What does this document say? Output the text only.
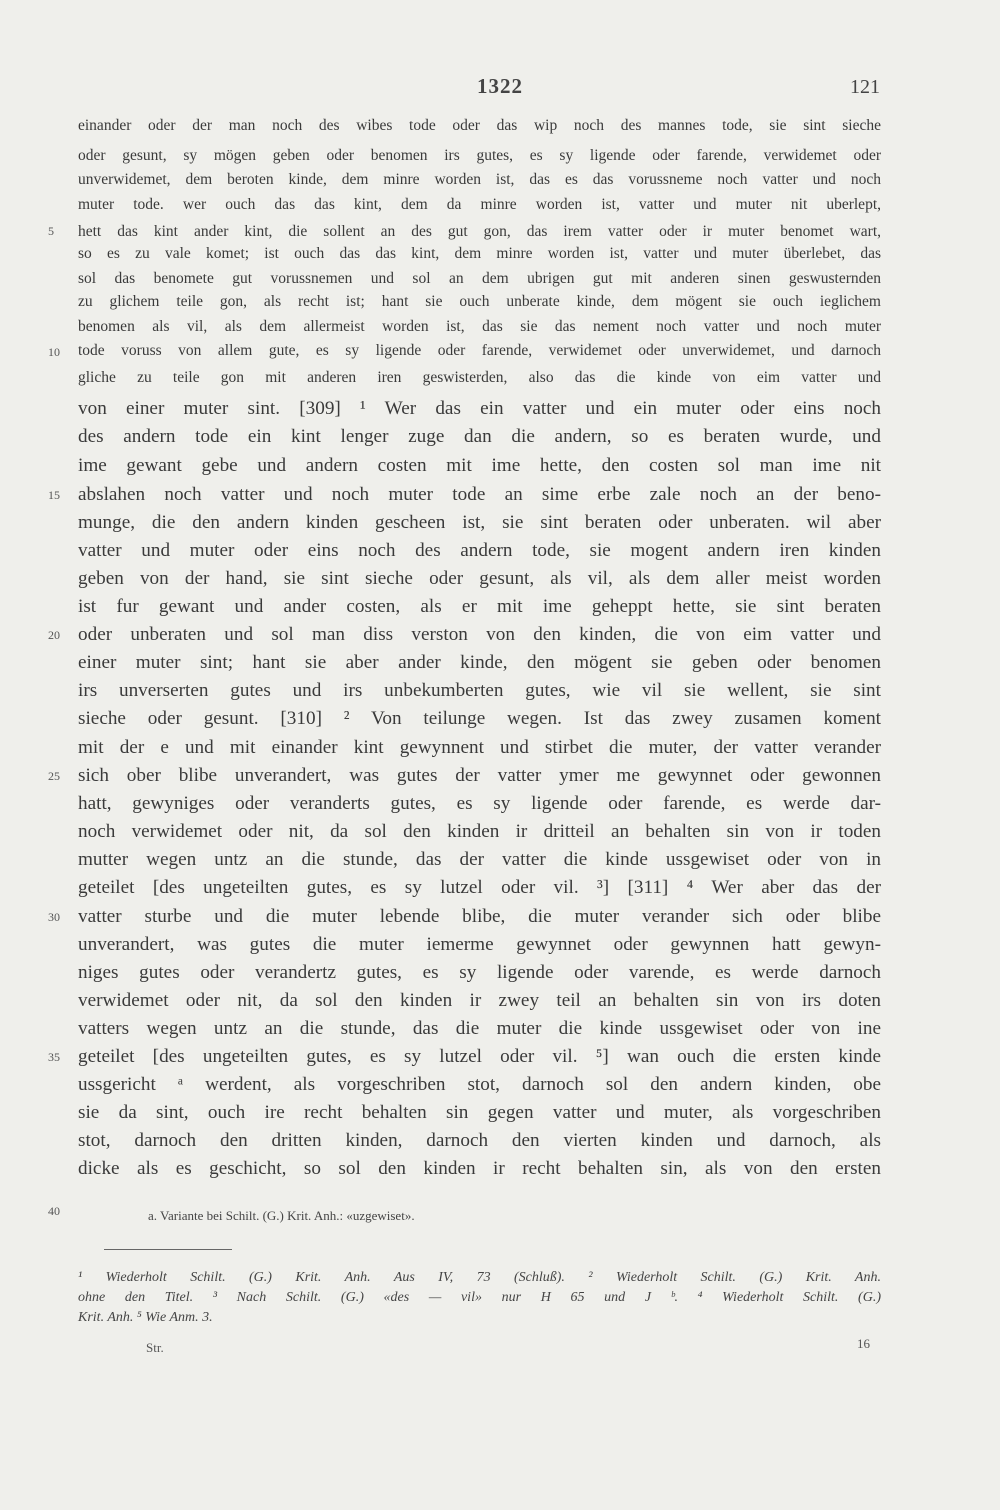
1322	121
einander oder der man noch des wibes tode oder das wip noch des mannes tode, sie sint sieche
oder gesunt, sy mögen geben oder benomen irs gutes, es sy ligende oder farende, verwidemet oder
unverwidemet, dem beroten kinde, dem minre worden ist, das es das vorussneme noch vatter und noch
muter tode. wer ouch das das kint, dem da minre worden ist, vatter und muter nit uberlept,
hett das kint ander kint, die sollent an des gut gon, das irem vatter oder ir muter benomet wart,
so es zu vale komet; ist ouch das das kint, dem minre worden ist, vatter und muter überlebet, das
sol das benomete gut vorussnemen und sol an dem ubrigen gut mit anderen sinen geswusternden
zu glichem teile gon, als recht ist; hant sie ouch unberate kinde, dem mögent sie ouch ieglichem
benomen als vil, als dem allermeist worden ist, das sie das nement noch vatter und noch muter
tode voruss von allem gute, es sy ligende oder farende, verwidemet oder unverwidemet, und darnoch
gliche zu teile gon mit anderen iren geswisterden, also das die kinde von eim vatter und
von einer muter sint. [309] ¹ Wer das ein vatter und ein muter oder eins noch
des andern tode ein kint lenger zuge dan die andern, so es beraten wurde, und
ime gewant gebe und andern costen mit ime hette, den costen sol man ime nit
abslahen noch vatter und noch muter tode an sime erbe zale noch an der beno-
munge, die den andern kinden gescheen ist, sie sint beraten oder unberaten. wil aber
vatter und muter oder eins noch des andern tode, sie mogent andern iren kinden
geben von der hand, sie sint sieche oder gesunt, als vil, als dem aller meist worden
ist fur gewant und ander costen, als er mit ime geheppt hette, sie sint beraten
oder unberaten und sol man diss verston von den kinden, die von eim vatter und
einer muter sint; hant sie aber ander kinde, den mögent sie geben oder benomen
irs unverserten gutes und irs unbekumberten gutes, wie vil sie wellent, sie sint
sieche oder gesunt. [310] ² Von teilunge wegen. Ist das zwey zusamen koment
mit der e und mit einander kint gewynnent und stirbet die muter, der vatter verander
sich ober blibe unverandert, was gutes der vatter ymer me gewynnet oder gewonnen
hatt, gewyniges oder veranderts gutes, es sy ligende oder farende, es werde dar-
noch verwidemet oder nit, da sol den kinden ir dritteil an behalten sin von ir toden
mutter wegen untz an die stunde, das der vatter die kinde ussgewiset oder von in
geteilet [des ungeteilten gutes, es sy lutzel oder vil. ³] [311] ⁴ Wer aber das der
vatter sturbe und die muter lebende blibe, die muter verander sich oder blibe
unverandert, was gutes die muter iemerme gewynnet oder gewynnen hatt gewyn-
niges gutes oder verandertz gutes, es sy ligende oder varende, es werde darnoch
verwidemet oder nit, da sol den kinden ir zwey teil an behalten sin von irs doten
vatters wegen untz an die stunde, das die muter die kinde ussgewiset oder von ine
geteilet [des ungeteilten gutes, es sy lutzel oder vil. ⁵] wan ouch die ersten kinde
ussgericht ᵃ werdent, als vorgeschriben stot, darnoch sol den andern kinden, obe
sie da sint, ouch ire recht behalten sin gegen vatter und muter, als vorgeschriben
stot, darnoch den dritten kinden, darnoch den vierten kinden und darnoch, als
dicke als es geschicht, so sol den kinden ir recht behalten sin, als von den ersten
5
10
15
20
25
30
35
40	a. Variante bei Schilt. (G.) Krit. Anh.: «uzgewiset».
¹ Wiederholt Schilt. (G.) Krit. Anh. Aus IV, 73 (Schluß). ² Wiederholt Schilt. (G.) Krit. Anh.
ohne den Titel. ³ Nach Schilt. (G.) «des — vil» nur H 65 und J ᵇ. ⁴ Wiederholt Schilt. (G.)
Krit. Anh. ⁵ Wie Anm. 3.
Str.	16
